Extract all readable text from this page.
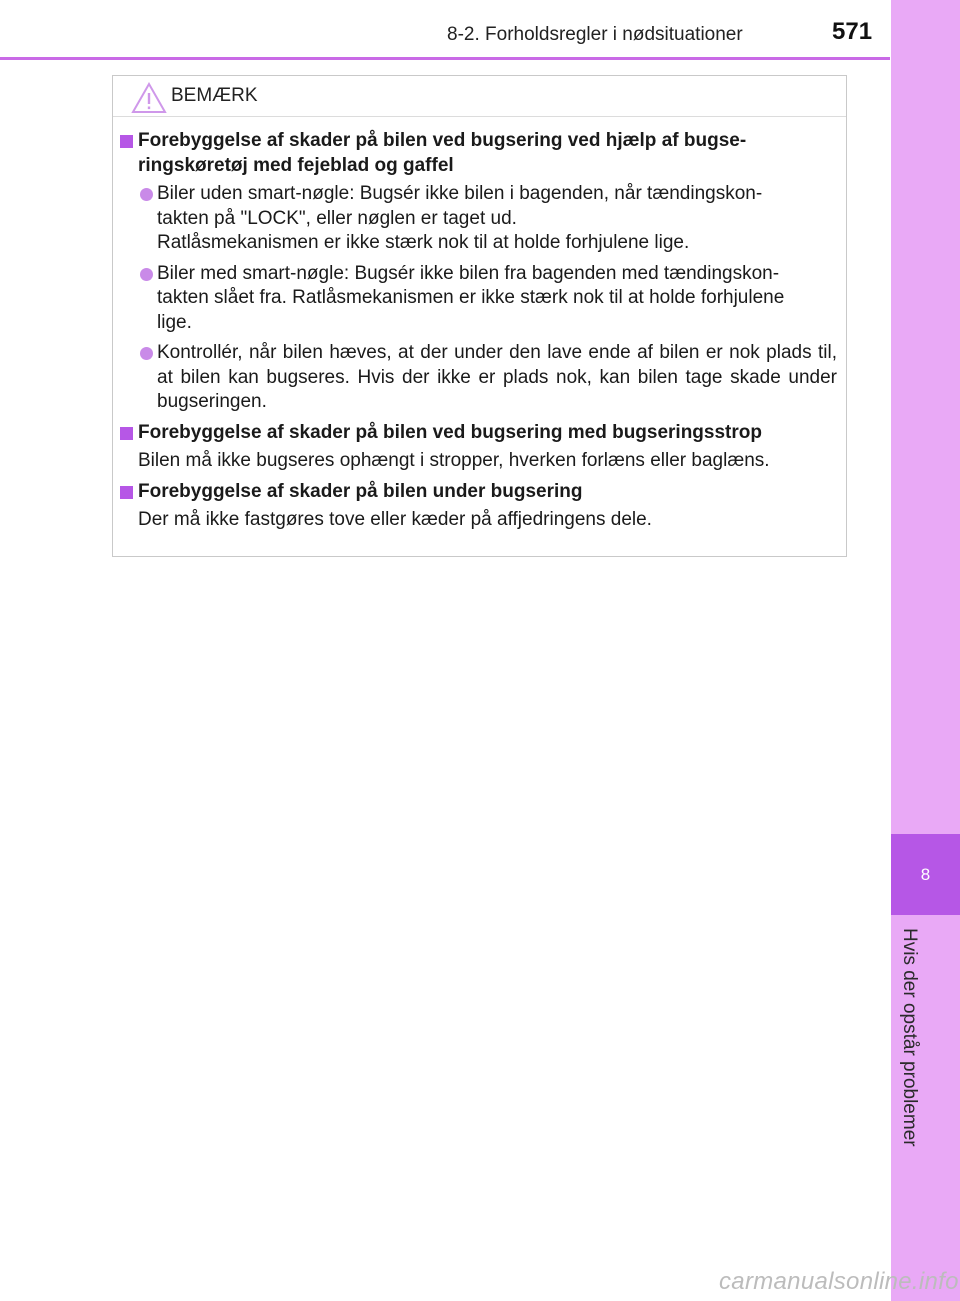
8-2. Forholdsregler i nødsituationer	571
8
Hvis der opstår problemer
BEMÆRK
Forebyggelse af skader på bilen ved bugsering ved hjælp af bugse-
ringskøretøj med fejeblad og gaffel
Biler uden smart-nøgle: Bugsér ikke bilen i bagenden, når tændingskon-
takten på "LOCK", eller nøglen er taget ud.
Ratlåsmekanismen er ikke stærk nok til at holde forhjulene lige.
Biler med smart-nøgle: Bugsér ikke bilen fra bagenden med tændingskon-
takten slået fra. Ratlåsmekanismen er ikke stærk nok til at holde forhjulene
lige.
Kontrollér, når bilen hæves, at der under den lave ende af bilen er nok plads til, at bilen kan bugseres. Hvis der ikke er plads nok, kan bilen tage skade under bugseringen.
Forebyggelse af skader på bilen ved bugsering med bugseringsstrop
Bilen må ikke bugseres ophængt i stropper, hverken forlæns eller baglæns.
Forebyggelse af skader på bilen under bugsering
Der må ikke fastgøres tove eller kæder på affjedringens dele.
carmanualsonline.info
